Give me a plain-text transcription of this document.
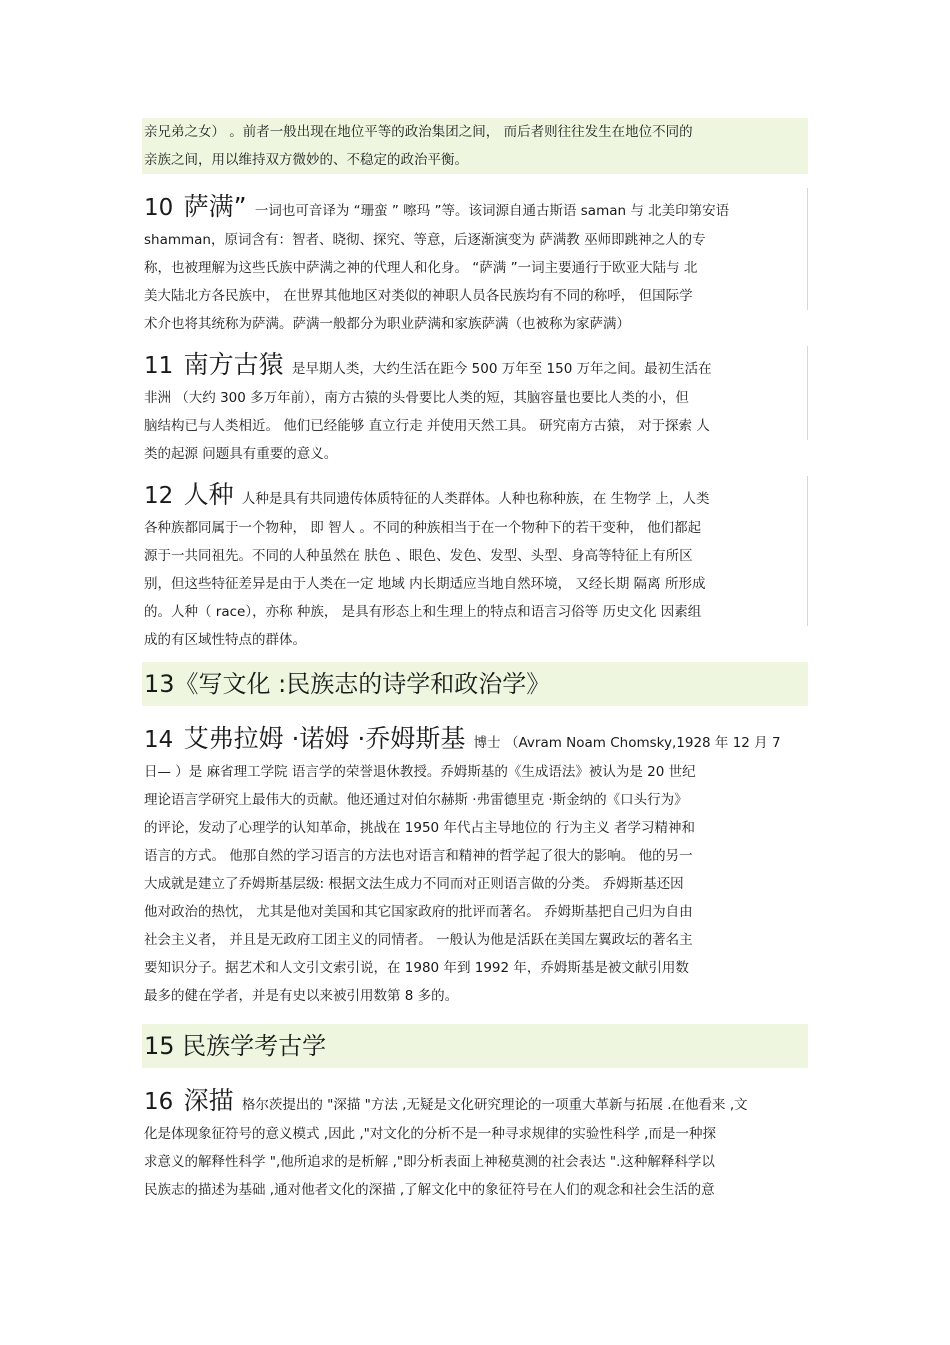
亲兄弟之女） 。前者一般出现在地位平等的政治集团之间， 而后者则往往发生在地位不同的
亲族之间，用以维持双方微妙的、不稳定的政治平衡。
10 萨满” 一词也可音译为 “珊蛮 ” 嚓玛 ”等。该词源自通古斯语 saman 与 北美印第安语
shamman，原词含有：智者、晓彻、探究、等意，后逐渐演变为 萨满教 巫师即跳神之人的专
称，也被理解为这些氏族中萨满之神的代理人和化身。 “萨满 ”一词主要通行于欧亚大陆与 北
美大陆北方各民族中， 在世界其他地区对类似的神职人员各民族均有不同的称呼， 但国际学
术介也将其统称为萨满。萨满一般都分为职业萨满和家族萨满（也被称为家萨满）
11 南方古猿 是早期人类，大约生活在距今 500 万年至 150 万年之间。最初生活在
非洲 （大约 300 多万年前），南方古猿的头骨要比人类的短，其脑容量也要比人类的小，但
脑结构已与人类相近。 他们已经能够 直立行走 并使用天然工具。 研究南方古猿， 对于探索 人
类的起源 问题具有重要的意义。
12 人种 人种是具有共同遗传体质特征的人类群体。人种也称种族，在 生物学 上，人类
各种族都同属于一个物种， 即 智人 。不同的种族相当于在一个物种下的若干变种， 他们都起
源于一共同祖先。不同的人种虽然在 肤色 、眼色、发色、发型、头型、身高等特征上有所区
别，但这些特征差异是由于人类在一定 地域 内长期适应当地自然环境， 又经长期 隔离 所形成
的。人种（ race），亦称 种族， 是具有形态上和生理上的特点和语言习俗等 历史文化 因素组
成的有区域性特点的群体。
13《写文化 :民族志的诗学和政治学》
14 艾弗拉姆 ·诺姆 ·乔姆斯基 博士 （Avram Noam Chomsky,1928 年 12 月 7
日— ）是 麻省理工学院 语言学的荣誉退休教授。乔姆斯基的《生成语法》被认为是 20 世纪
理论语言学研究上最伟大的贡献。他还通过对伯尔赫斯 ·弗雷德里克 ·斯金纳的《口头行为》
的评论，发动了心理学的认知革命，挑战在 1950 年代占主导地位的 行为主义 者学习精神和
语言的方式。 他那自然的学习语言的方法也对语言和精神的哲学起了很大的影响。 他的另一
大成就是建立了乔姆斯基层级: 根据文法生成力不同而对正则语言做的分类。 乔姆斯基还因
他对政治的热忱， 尤其是他对美国和其它国家政府的批评而著名。 乔姆斯基把自己归为自由
社会主义者， 并且是无政府工团主义的同情者。 一般认为他是活跃在美国左翼政坛的著名主
要知识分子。据艺术和人文引文索引说，在 1980 年到 1992 年，乔姆斯基是被文献引用数
最多的健在学者，并是有史以来被引用数第 8 多的。
15 民族学考古学
16 深描 格尔茨提出的 "深描 "方法 ,无疑是文化研究理论的一项重大革新与拓展 .在他看来 ,文
化是体现象征符号的意义模式 ,因此 ,"对文化的分析不是一种寻求规律的实验性科学 ,而是一种探
求意义的解释性科学 ",他所追求的是析解 ,"即分析表面上神秘莫测的社会表达 ".这种解释科学以
民族志的描述为基础 ,通对他者文化的深描 ,了解文化中的象征符号在人们的观念和社会生活的意
